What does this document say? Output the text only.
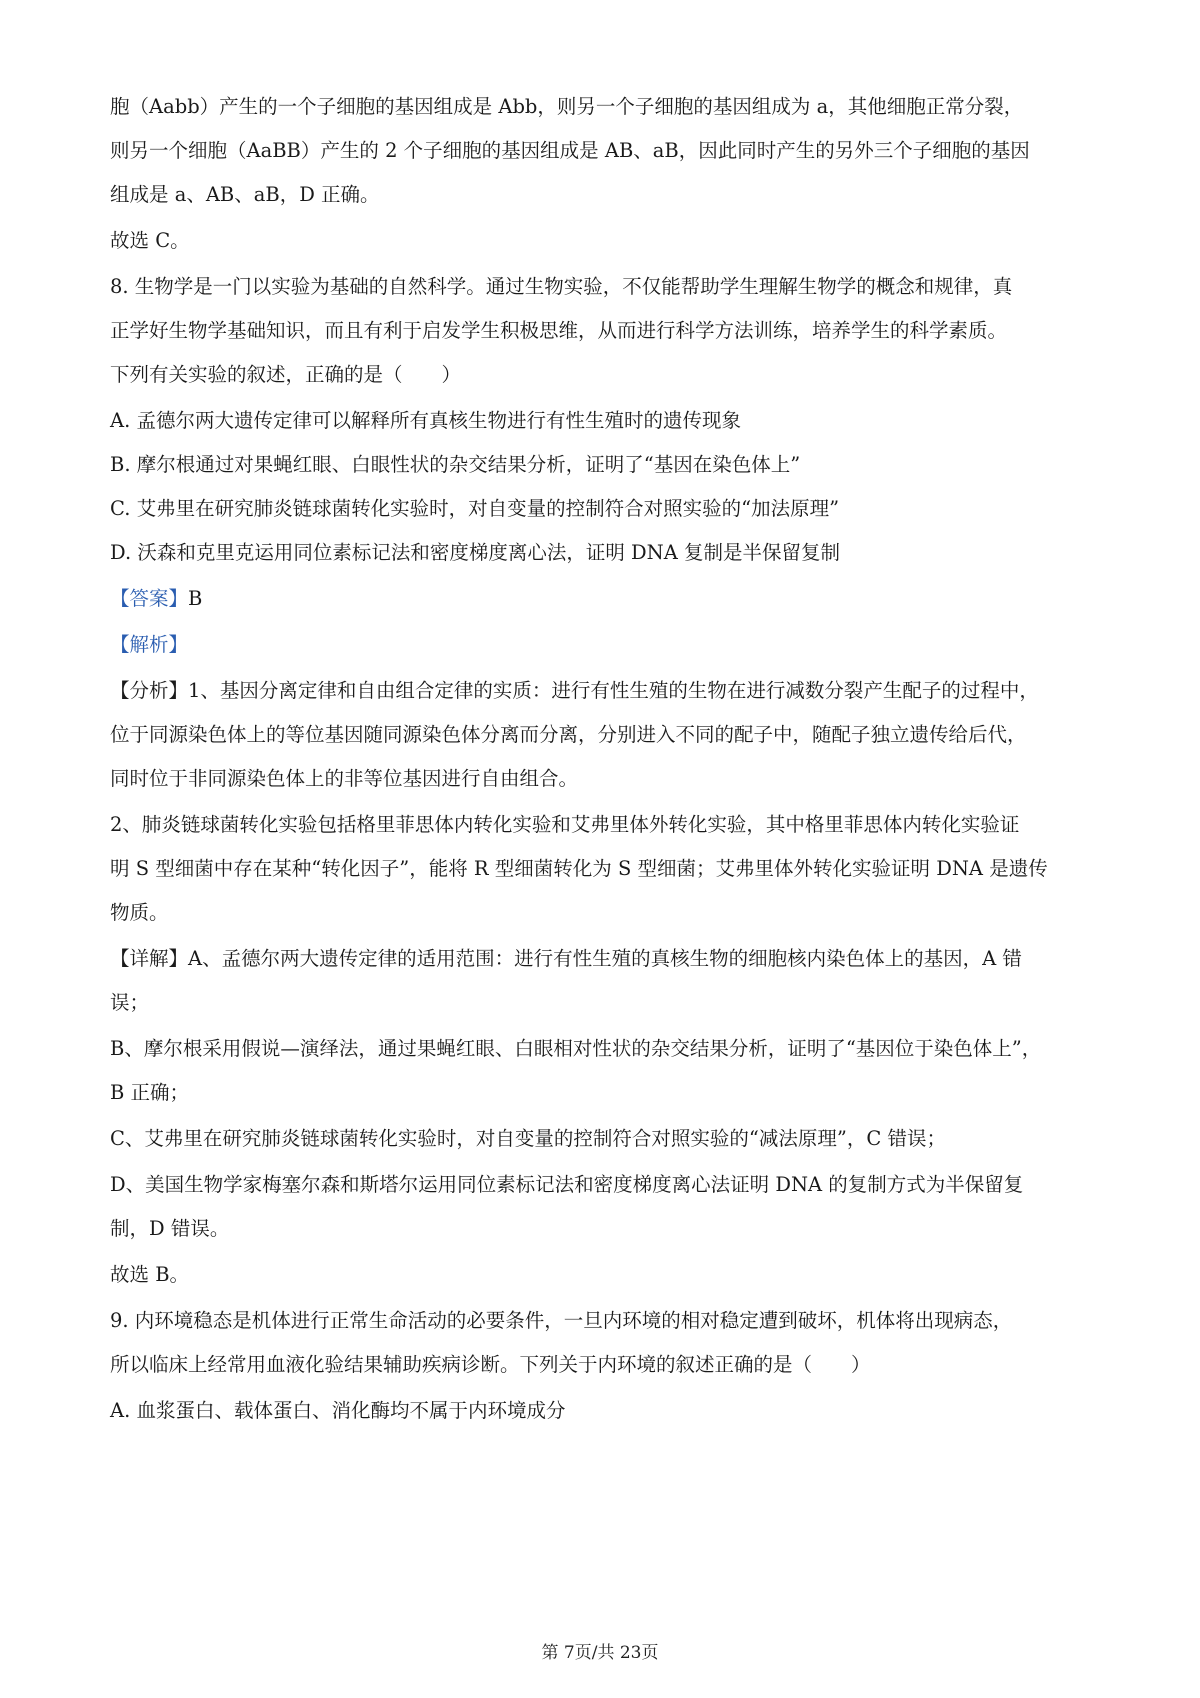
胞（Aabb）产生的一个子细胞的基因组成是 Abb，则另一个子细胞的基因组成为 a，其他细胞正常分裂，

则另一个细胞（AaBB）产生的 2 个子细胞的基因组成是 AB、aB，因此同时产生的另外三个子细胞的基因

组成是 a、AB、aB，D 正确。

故选 C。

8. 生物学是一门以实验为基础的自然科学。通过生物实验，不仅能帮助学生理解生物学的概念和规律，真

正学好生物学基础知识，而且有利于启发学生积极思维，从而进行科学方法训练，培养学生的科学素质。

下列有关实验的叙述，正确的是（　　）

A. 孟德尔两大遗传定律可以解释所有真核生物进行有性生殖时的遗传现象

B. 摩尔根通过对果蝇红眼、白眼性状的杂交结果分析，证明了“基因在染色体上”

C. 艾弗里在研究肺炎链球菌转化实验时，对自变量的控制符合对照实验的“加法原理”

D. 沃森和克里克运用同位素标记法和密度梯度离心法，证明 DNA 复制是半保留复制

【答案】B

【解析】

【分析】1、基因分离定律和自由组合定律的实质：进行有性生殖的生物在进行减数分裂产生配子的过程中，

位于同源染色体上的等位基因随同源染色体分离而分离，分别进入不同的配子中，随配子独立遗传给后代，

同时位于非同源染色体上的非等位基因进行自由组合。

2、肺炎链球菌转化实验包括格里菲思体内转化实验和艾弗里体外转化实验，其中格里菲思体内转化实验证

明 S 型细菌中存在某种“转化因子”，能将 R 型细菌转化为 S 型细菌；艾弗里体外转化实验证明 DNA 是遗传

物质。

【详解】A、孟德尔两大遗传定律的适用范围：进行有性生殖的真核生物的细胞核内染色体上的基因，A 错

误；

B、摩尔根采用假说—演绎法，通过果蝇红眼、白眼相对性状的杂交结果分析，证明了“基因位于染色体上”，

B 正确；

C、艾弗里在研究肺炎链球菌转化实验时，对自变量的控制符合对照实验的“减法原理”，C 错误；

D、美国生物学家梅塞尔森和斯塔尔运用同位素标记法和密度梯度离心法证明 DNA 的复制方式为半保留复

制，D 错误。

故选 B。

9. 内环境稳态是机体进行正常生命活动的必要条件，一旦内环境的相对稳定遭到破坏，机体将出现病态，

所以临床上经常用血液化验结果辅助疾病诊断。下列关于内环境的叙述正确的是（　　）

A. 血浆蛋白、载体蛋白、消化酶均不属于内环境成分

第 7页/共 23页
